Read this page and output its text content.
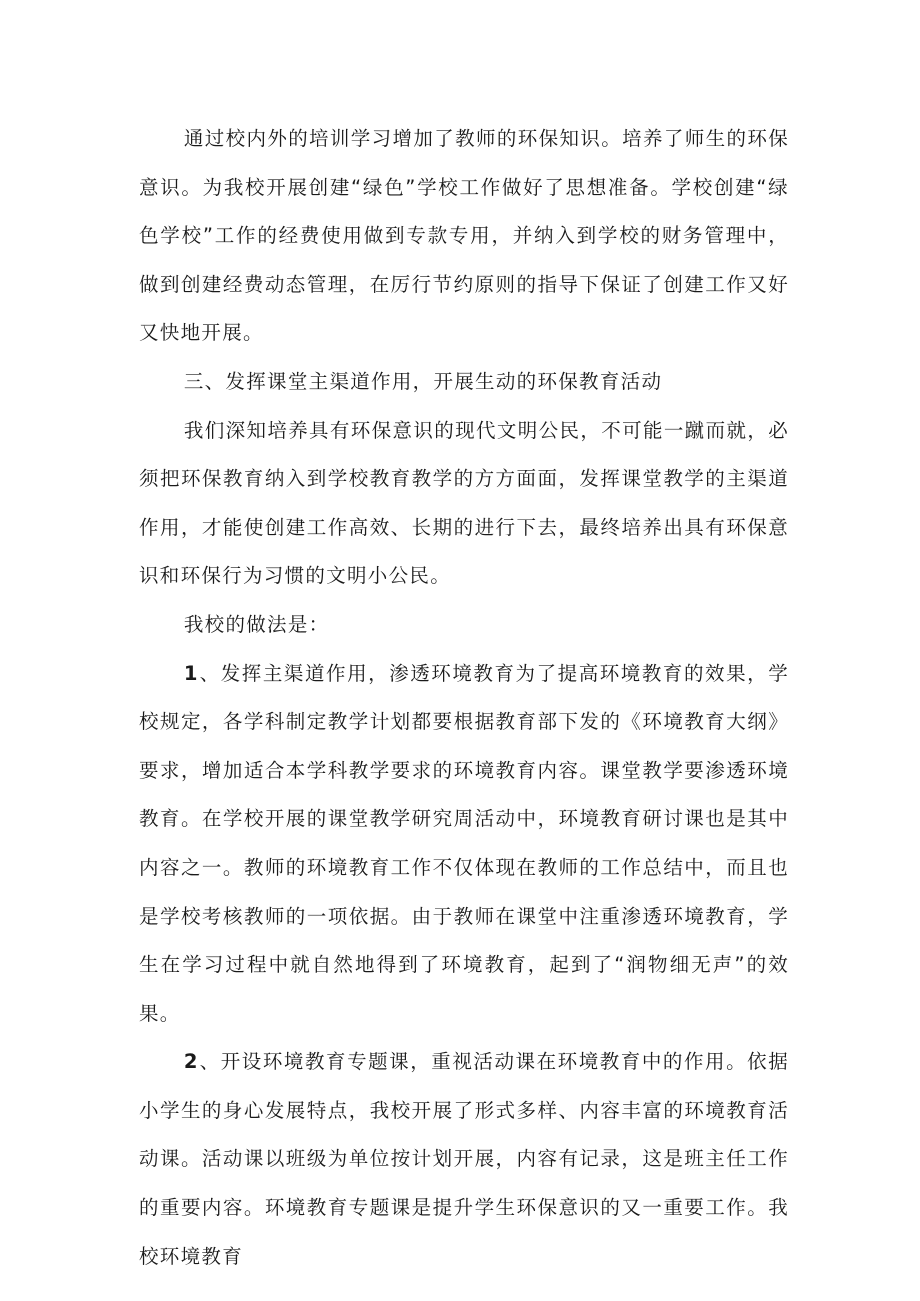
通过校内外的培训学习增加了教师的环保知识。培养了师生的环保意识。为我校开展创建“绿色”学校工作做好了思想准备。学校创建“绿色学校”工作的经费使用做到专款专用，并纳入到学校的财务管理中，做到创建经费动态管理，在厉行节约原则的指导下保证了创建工作又好又快地开展。

三、发挥课堂主渠道作用，开展生动的环保教育活动

我们深知培养具有环保意识的现代文明公民，不可能一蹴而就，必须把环保教育纳入到学校教育教学的方方面面，发挥课堂教学的主渠道作用，才能使创建工作高效、长期的进行下去，最终培养出具有环保意识和环保行为习惯的文明小公民。

我校的做法是：

1 、发挥主渠道作用，渗透环境教育为了提高环境教育的效果，学校规定，各学科制定教学计划都要根据教育部下发的《环境教育大纲》要求，增加适合本学科教学要求的环境教育内容。课堂教学要渗透环境教育。在学校开展的课堂教学研究周活动中，环境教育研讨课也是其中内容之一。教师的环境教育工作不仅体现在教师的工作总结中，而且也是学校考核教师的一项依据。由于教师在课堂中注重渗透环境教育，学生在学习过程中就自然地得到了环境教育，起到了“润物细无声”的效果。

2 、开设环境教育专题课，重视活动课在环境教育中的作用。依据小学生的身心发展特点，我校开展了形式多样、内容丰富的环境教育活动课。活动课以班级为单位按计划开展，内容有记录，这是班主任工作的重要内容。环境教育专题课是提升学生环保意识的又一重要工作。我校环境教育
